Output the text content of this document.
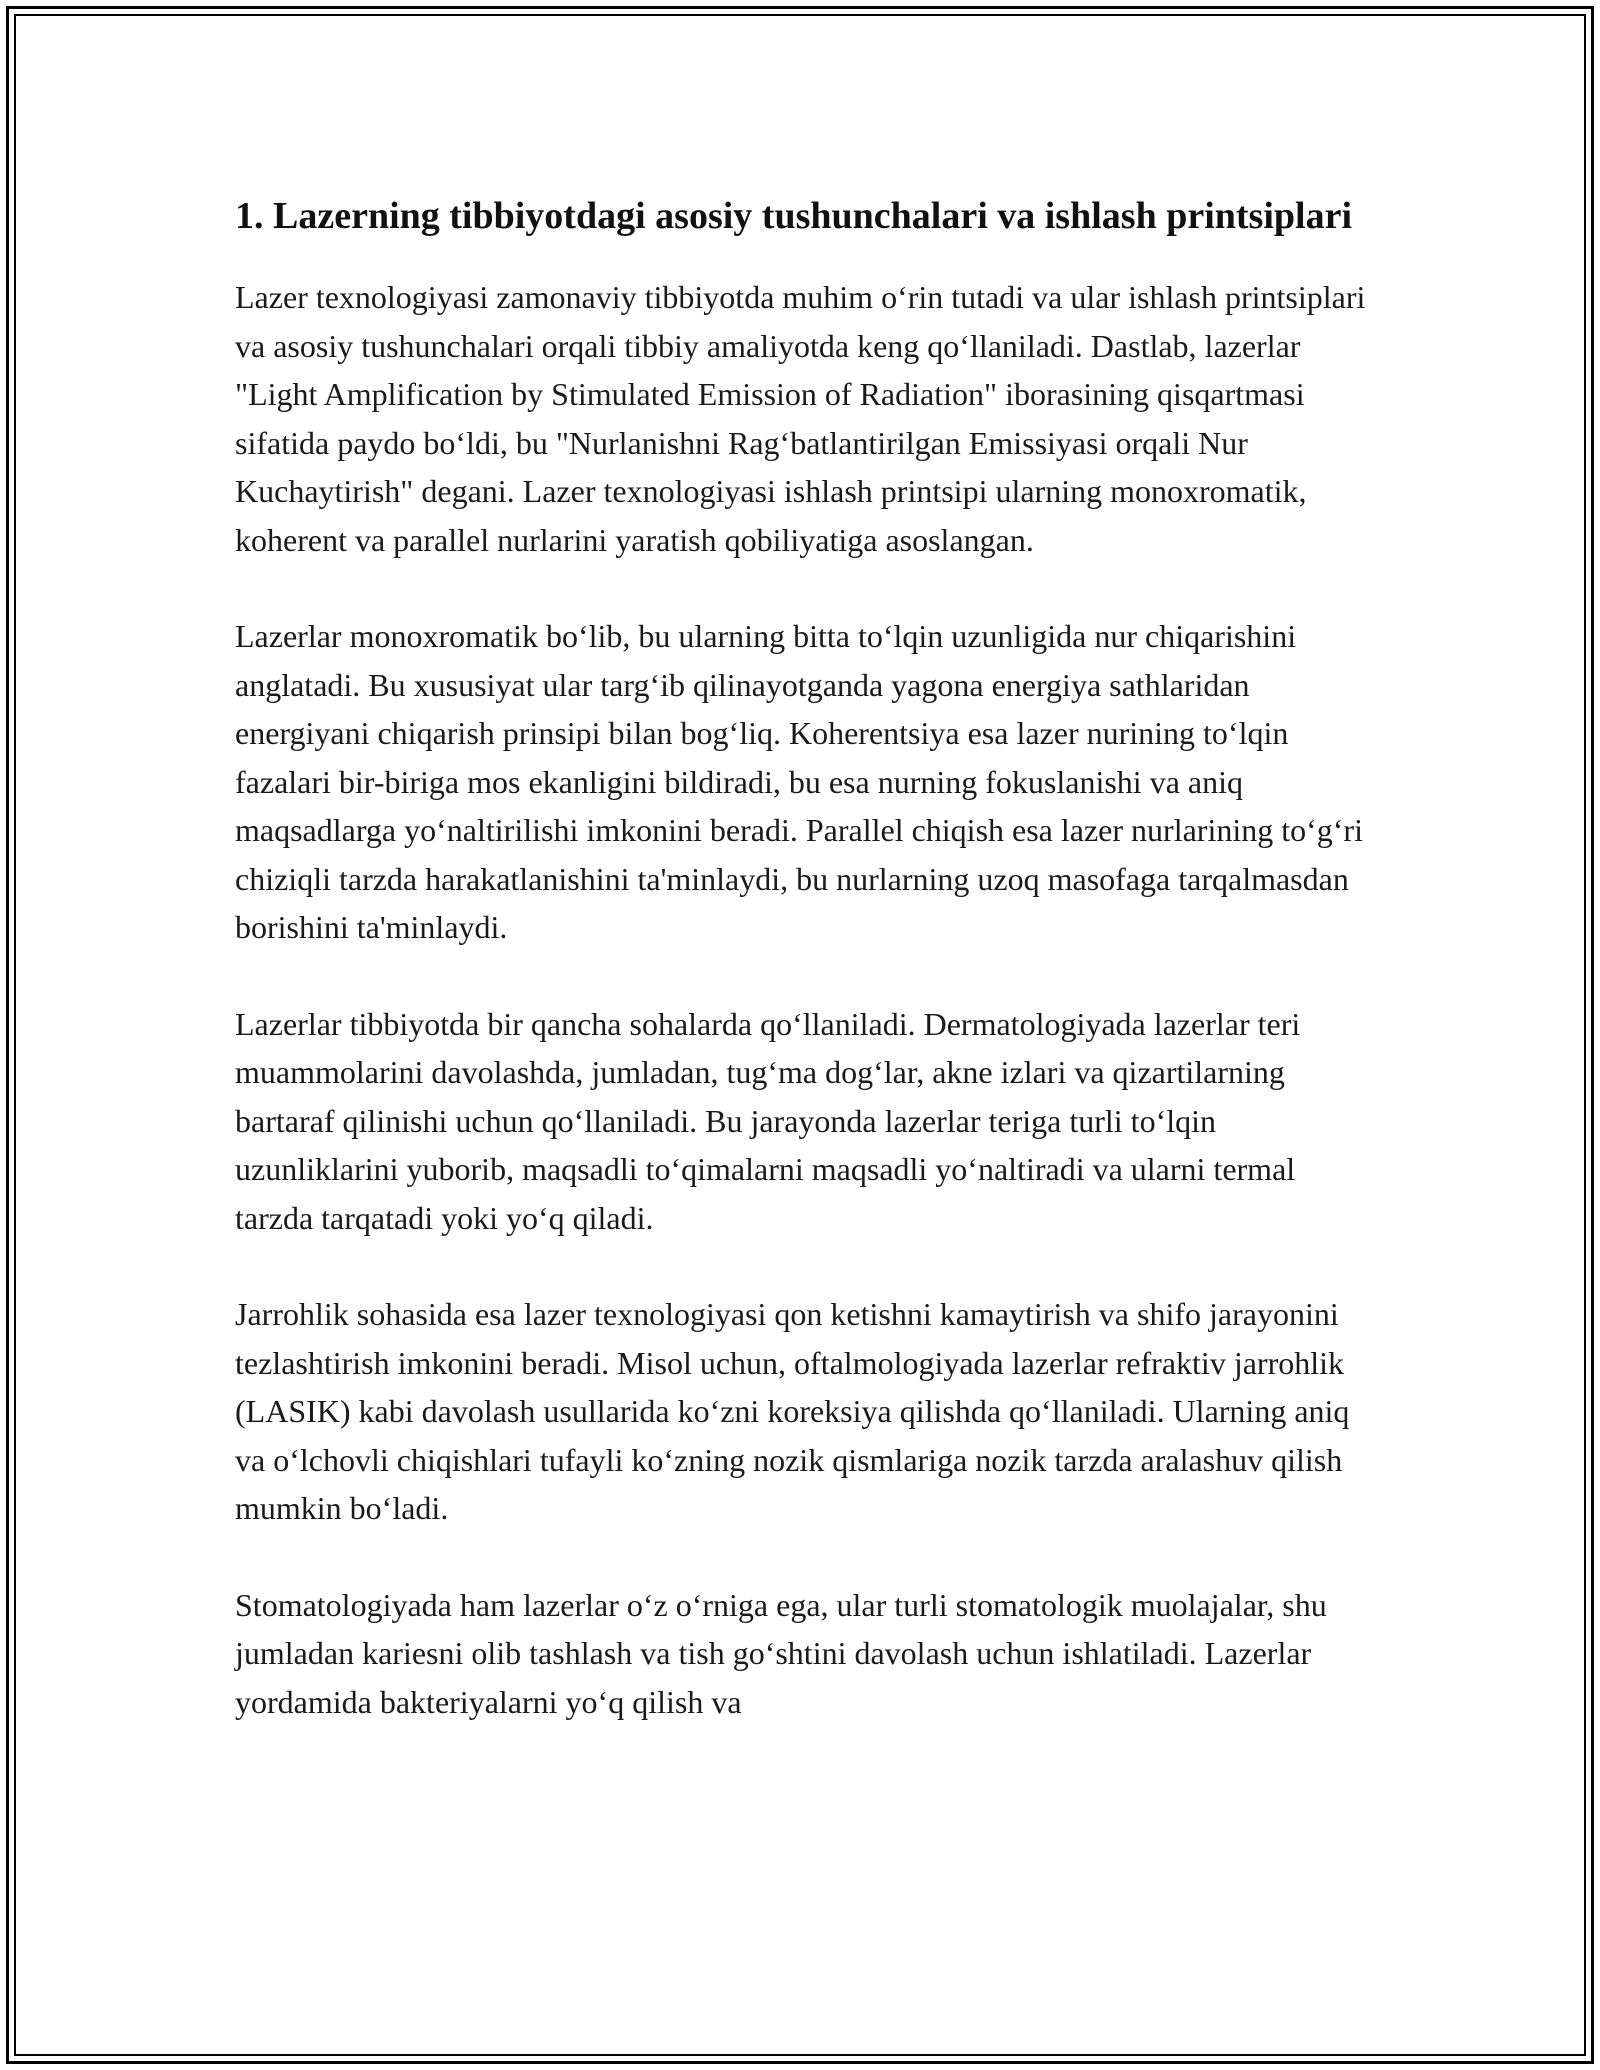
1. Lazerning tibbiyotdagi asosiy tushunchalari va ishlash printsiplari

Lazer texnologiyasi zamonaviy tibbiyotda muhim o‘rin tutadi va ular ishlash printsiplari va asosiy tushunchalari orqali tibbiy amaliyotda keng qo‘llaniladi. Dastlab, lazerlar "Light Amplification by Stimulated Emission of Radiation" iborasining qisqartmasi sifatida paydo bo‘ldi, bu "Nurlanishni Rag‘batlantirilgan Emissiyasi orqali Nur Kuchaytirish" degani. Lazer texnologiyasi ishlash printsipi ularning monoxromatik, koherent va parallel nurlarini yaratish qobiliyatiga asoslangan.

Lazerlar monoxromatik bo‘lib, bu ularning bitta to‘lqin uzunligida nur chiqarishini anglatadi. Bu xususiyat ular targ‘ib qilinayotganda yagona energiya sathlaridan energiyani chiqarish prinsipi bilan bog‘liq. Koherentsiya esa lazer nurining to‘lqin fazalari bir-biriga mos ekanligini bildiradi, bu esa nurning fokuslanishi va aniq maqsadlarga yo‘naltirilishi imkonini beradi. Parallel chiqish esa lazer nurlarining to‘g‘ri chiziqli tarzda harakatlanishini ta'minlaydi, bu nurlarning uzoq masofaga tarqalmasdan borishini ta'minlaydi.

Lazerlar tibbiyotda bir qancha sohalarda qo‘llaniladi. Dermatologiyada lazerlar teri muammolarini davolashda, jumladan, tug‘ma dog‘lar, akne izlari va qizartilarning bartaraf qilinishi uchun qo‘llaniladi. Bu jarayonda lazerlar teriga turli to‘lqin uzunliklarini yuborib, maqsadli to‘qimalarni maqsadli yo‘naltiradi va ularni termal tarzda tarqatadi yoki yo‘q qiladi.

Jarrohlik sohasida esa lazer texnologiyasi qon ketishni kamaytirish va shifo jarayonini tezlashtirish imkonini beradi. Misol uchun, oftalmologiyada lazerlar refraktiv jarrohlik (LASIK) kabi davolash usullarida ko‘zni koreksiya qilishda qo‘llaniladi. Ularning aniq va o‘lchovli chiqishlari tufayli ko‘zning nozik qismlariga nozik tarzda aralashuv qilish mumkin bo‘ladi.

Stomatologiyada ham lazerlar o‘z o‘rniga ega, ular turli stomatologik muolajalar, shu jumladan kariesni olib tashlash va tish go‘shtini davolash uchun ishlatiladi. Lazerlar yordamida bakteriyalarni yo‘q qilish va
